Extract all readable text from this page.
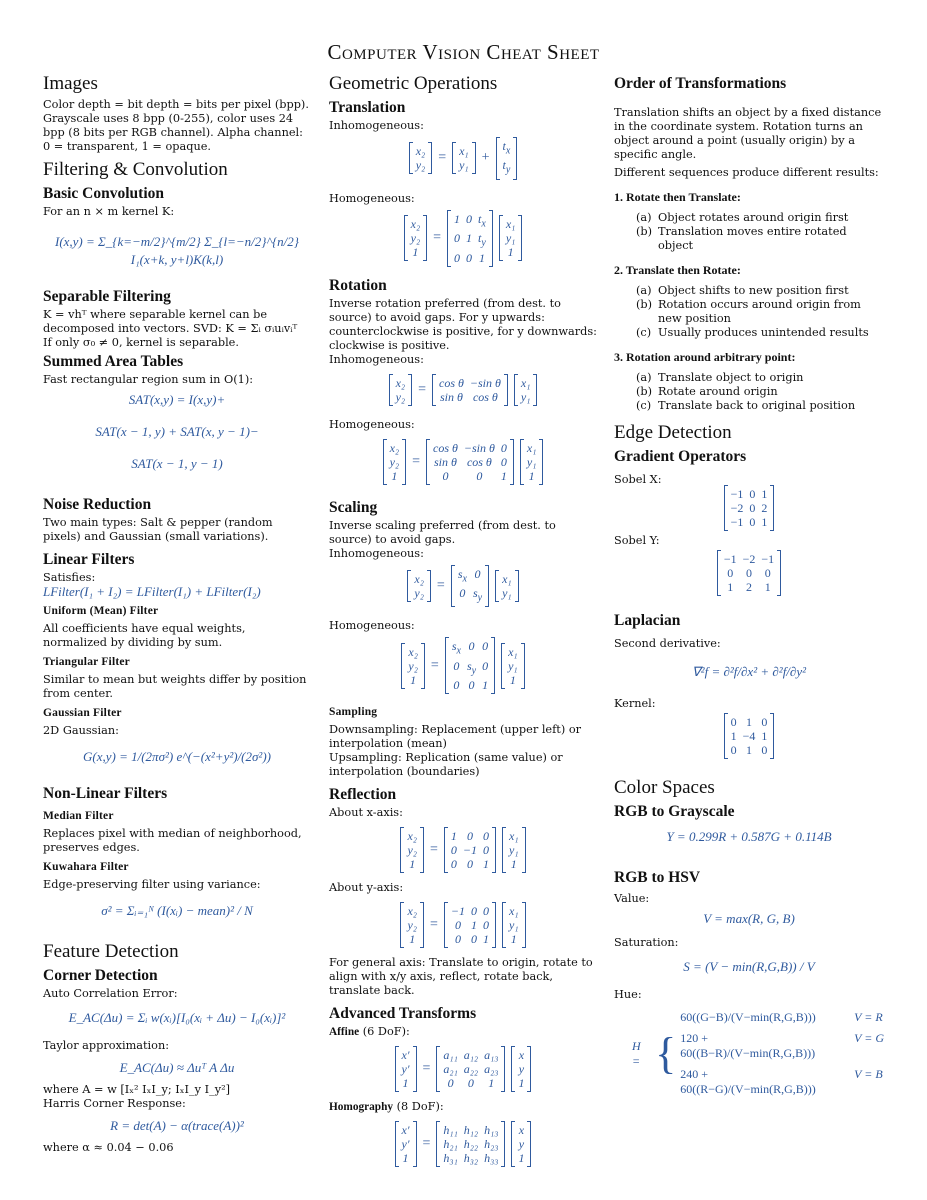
Computer Vision Cheat Sheet
Images

Color depth = bit depth = bits per pixel (bpp). Grayscale uses 8 bpp (0-255), color uses 24 bpp (8 bits per RGB channel). Alpha channel: 0 = transparent, 1 = opaque.

Filtering & Convolution
Basic Convolution

For an n × m kernel K:

I(x,y) = Σ_{k=−m/2}^{m/2} Σ_{l=−n/2}^{n/2} I₁(x+k, y+l)K(k,l)
Separable Filtering

K = vhᵀ where separable kernel can be decomposed into vectors. SVD: K = Σᵢ σᵢuᵢvᵢᵀ

If only σ₀ ≠ 0, kernel is separable.

Summed Area Tables

Fast rectangular region sum in O(1):

SAT(x,y) = I(x,y)+
SAT(x − 1, y) + SAT(x, y − 1)−
SAT(x − 1, y − 1)
Noise Reduction

Two main types: Salt & pepper (random pixels) and Gaussian (small variations).

Linear Filters

Satisfies:

LFilter(I₁ + I₂) = LFilter(I₁) + LFilter(I₂)

Uniform (Mean) Filter

All coefficients have equal weights, normalized by dividing by sum.

Triangular Filter

Similar to mean but weights differ by position from center.

Gaussian Filter

2D Gaussian:

G(x,y) = 1/(2πσ²) e^(−(x²+y²)/(2σ²))
Non-Linear Filters
Median Filter

Replaces pixel with median of neighborhood, preserves edges.

Kuwahara Filter

Edge-preserving filter using variance:

σ² = Σᵢ₌₁ᴺ (I(xᵢ) − mean)² / N
Feature Detection
Corner Detection

Auto Correlation Error:

E_AC(Δu) = Σᵢ w(xᵢ)[I₀(xᵢ + Δu) − I₀(xᵢ)]²

Taylor approximation:

E_AC(Δu) ≈ Δuᵀ A Δu

where A = w [Iₓ² IₓI_y; IₓI_y I_y²]

Harris Corner Response:

R = det(A) − α(trace(A))²

where α ≈ 0.04 − 0.06

Geometric Operations
Translation

Inhomogeneous:

x₂
y₂ = x₁
y₁ +
$t_x$
$t_y$

Homogeneous:

x₂
y₂
1
=
1 0 $t_x$
0 1 $t_y$
0 0 1
x₁
y₁
1
Rotation

Inverse rotation preferred (from dest. to source) to avoid gaps. For y upwards: counterclockwise is positive, for y downwards: clockwise is positive.

Inhomogeneous:

x₂
y₂ = cos θ −sin θ
sin θ cos θ
x₁
y₁

Homogeneous:

x₂
y₂
1
=
cos θ −sin θ 0
sin θ cos θ 0
0	0	1
x₁
y₁
1
Scaling

Inverse scaling preferred (from dest. to source) to avoid gaps.

Inhomogeneous:

x₂
y₂ =
$s_x$ 0
0 $s_y$
x₁
y₁

Homogeneous:

x₂
y₂
1
=
$s_x$ 0 0
0 $s_y$ 0
0 0 1
x₁
y₁
1
Sampling

Downsampling: Replacement (upper left) or interpolation (mean)

Upsampling: Replication (same value) or interpolation (boundaries)

Reflection

About x-axis:

x₂
y₂
1
=
1 0 0
0 −1 0
0 0 1
x₁
y₁
1

About y-axis:

x₂
y₂
1
=
−1 0 0
0 1 0
0 0 1
x₁
y₁
1

For general axis: Translate to origin, rotate to align with x/y axis, reflect, rotate back, translate back.

Advanced Transforms

Affine (6 DoF):

x′
y′
1
=
a₁₁ a₁₂ a₁₃
a₂₁ a₂₂ a₂₃
0	0	1
x
y
1

Homography (8 DoF):

x′
y′
1
=
h₁₁ h₁₂ h₁₃
h₂₁ h₂₂ h₂₃
h₃₁ h₃₂ h₃₃
x
y
1
Order of Transformations

Translation shifts an object by a fixed distance in the coordinate system. Rotation turns an object around a point (usually origin) by a specific angle.

Different sequences produce different results:

1. Rotate then Translate:
(a) Object rotates around origin first
(b) Translation moves entire rotated object
2. Translate then Rotate:
(a) Object shifts to new position first
(b) Rotation occurs around origin from new position
(c) Usually produces unintended results
3. Rotation around arbitrary point:
(a) Translate object to origin
(b) Rotate around origin
(c) Translate back to original position
Edge Detection
Gradient Operators

Sobel X:

−1 0 1
−2 0 2
−1 0 1

Sobel Y:

−1 −2 −1
0	0	0
1	2	1
Laplacian

Second derivative:

∇²f = ∂²f/∂x² + ∂²f/∂y²

Kernel:

0 1 0
1 −4 1
0 1 0
Color Spaces
RGB to Grayscale
Y = 0.299R + 0.587G + 0.114B
RGB to HSV

Value:

V = max(R, G, B)

Saturation:

S = (V − min(R,G,B)) / V

Hue:

H = {
60((G−B)/(V−min(R,G,B)))	V = R
120 + 60((B−R)/(V−min(R,G,B)))
V = G
240 + 60((R−G)/(V−min(R,G,B)))
V = B
